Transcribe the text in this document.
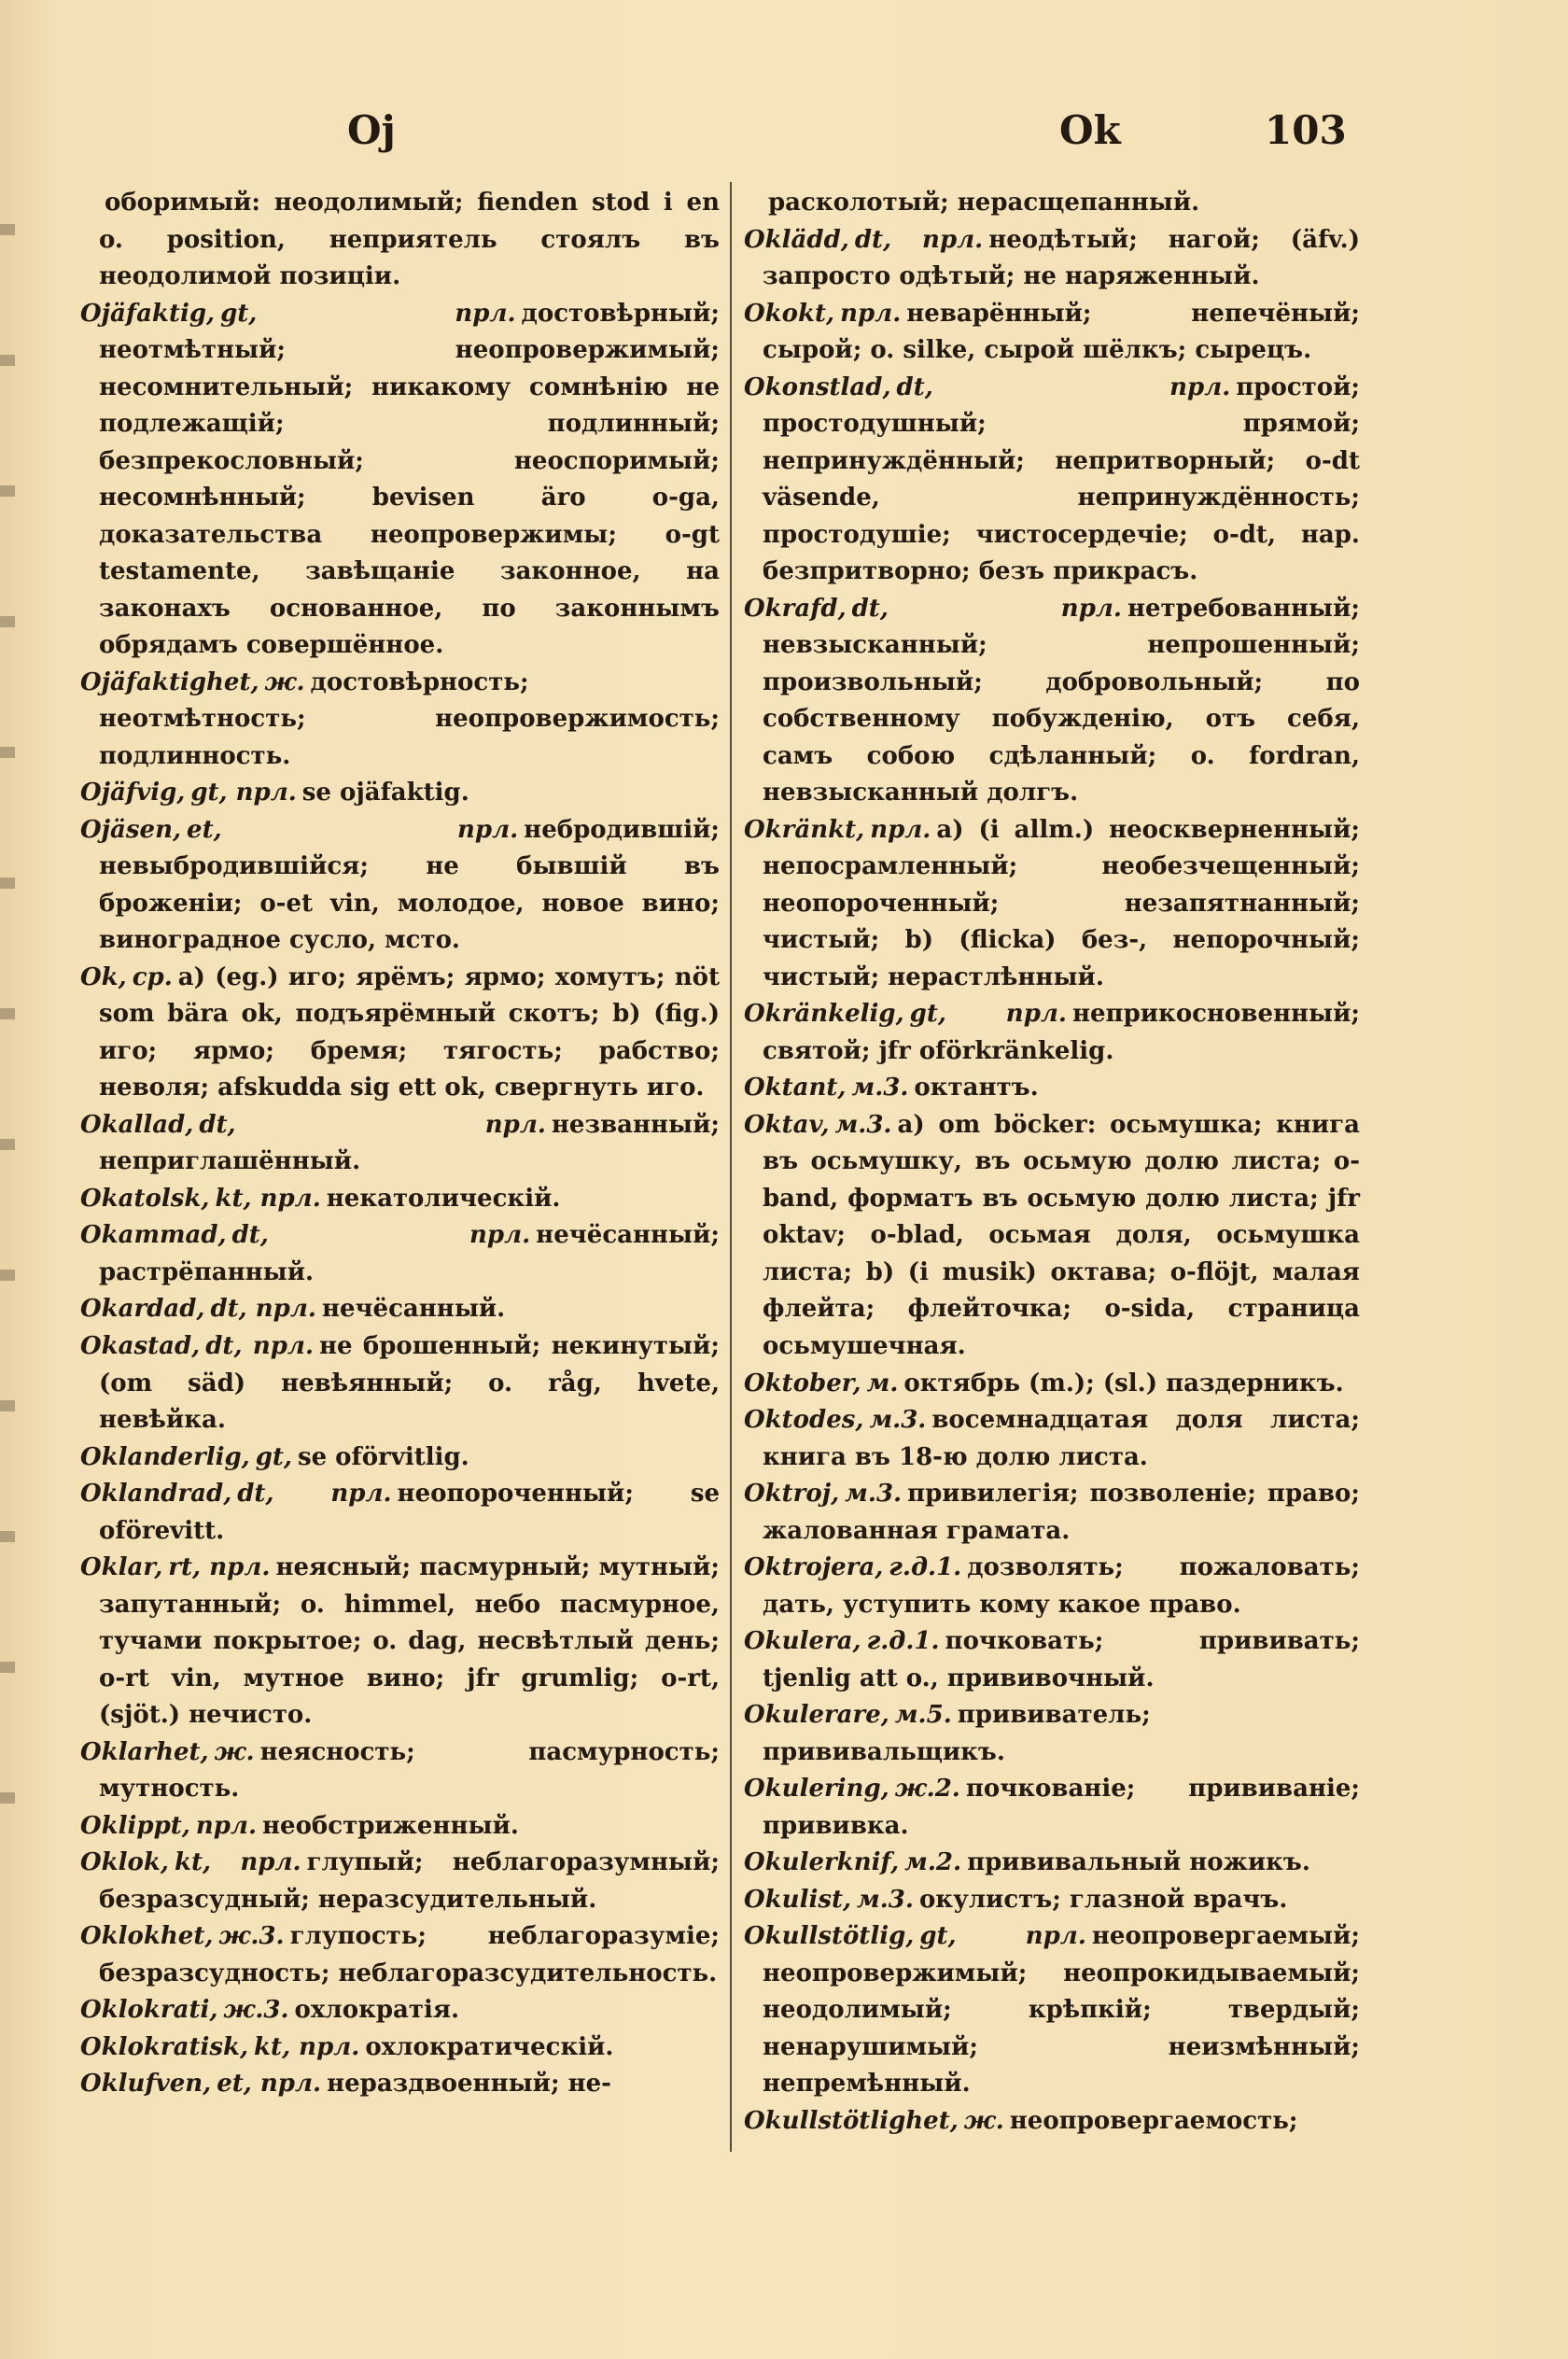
Oj	Ok	103

оборимый: неодолимый; fienden stod i en o. position, неприятель стоялъ въ неодолимой позиціи.

Ojäfaktig, gt, прл. достовѣрный; неотмѣтный; неопровержимый; несомнительный; никакому сомнѣнію не подлежащій; подлинный; безпрекословный; неоспоримый; несомнѣнный; bevisen äro o-ga, доказательства неопровержимы; o-gt testamente, завѣщаніе законное, на законахъ основанное, по законнымъ обрядамъ совершённое.

Ojäfaktighet, ж. достовѣрность; неотмѣтность; неопровержимость; подлинность.

Ojäfvig, gt, прл. se ojäfaktig.

Ojäsen, et, прл. небродившій; невыбродившійся; не бывшій въ броженіи; o-et vin, молодое, новое вино; виноградное сусло, мсто.

Ok, ср. a) (eg.) иго; ярёмъ; ярмо; хомутъ; nöt som bära ok, подъярёмный скотъ; b) (fig.) иго; ярмо; бремя; тягость; рабство; неволя; afskudda sig ett ok, свергнуть иго.

Okallad, dt, прл. незванный; неприглашённый.

Okatolsk, kt, прл. некатолическій.

Okammad, dt, прл. нечёсанный; растрёпанный.

Okardad, dt, прл. нечёсанный.

Okastad, dt, прл. не брошенный; некинутый; (om säd) невѣянный; o. råg, hvete, невѣйка.

Oklanderlig, gt, se oförvitlig.

Oklandrad, dt, прл. неопороченный; se oförevitt.

Oklar, rt, прл. неясный; пасмурный; мутный; запутанный; o. himmel, небо пасмурное, тучами покрытое; o. dag, несвѣтлый день; o-rt vin, мутное вино; jfr grumlig; o-rt, (sjöt.) нечисто.

Oklarhet, ж. неясность; пасмурность; мутность.

Oklippt, прл. необстриженный.

Oklok, kt, прл. глупый; неблагоразумный; безразсудный; неразсудительный.

Oklokhet, ж.3. глупость; неблагоразуміе; безразсудность; неблагоразсудительность.

Oklokrati, ж.3. охлократія.

Oklokratisk, kt, прл. охлократическій.

Oklufven, et, прл. нераздвоенный; не-

расколотый; нерасщепанный.

Oklädd, dt, прл. неодѣтый; нагой; (äfv.) запросто одѣтый; не наряженный.

Okokt, прл. неварённый; непечёный; сырой; o. silke, сырой шёлкъ; сырецъ.

Okonstlad, dt, прл. простой; простодушный; прямой; непринуждённый; непритворный; o-dt väsende, непринуждённость; простодушіе; чистосердечіе; o-dt, нар. безпритворно; безъ прикрасъ.

Okrafd, dt, прл. нетребованный; невзысканный; непрошенный; произвольный; добровольный; по собственному побужденію, отъ себя, самъ собою сдѣланный; o. fordran, невзысканный долгъ.

Okränkt, прл. a) (i allm.) неоскверненный; непосрамленный; необезчещенный; неопороченный; незапятнанный; чистый; b) (flicka) без-, непорочный; чистый; нерастлѣнный.

Okränkelig, gt, прл. неприкосновенный; святой; jfr oförkränkelig.

Oktant, м.3. октантъ.

Oktav, м.3. a) om böcker: осьмушка; книга въ осьмушку, въ осьмую долю листа; o-band, форматъ въ осьмую долю листа; jfr oktav; o-blad, осьмая доля, осьмушка листа; b) (i musik) октава; o-flöjt, малая флейта; флейточка; o-sida, страница осьмушечная.

Oktober, м. октябрь (m.); (sl.) паздерникъ.

Oktodes, м.3. восемнадцатая доля листа; книга въ 18-ю долю листа.

Oktroj, м.3. привилегія; позволеніе; право; жалованная грамата.

Oktrojera, г.д.1. дозволять; пожаловать; дать, уступить кому какое право.

Okulera, г.д.1. почковать; прививать; tjenlig att o., прививочный.

Okulerare, м.5. прививатель; прививальщикъ.

Okulering, ж.2. почкованіе; прививаніе; прививка.

Okulerknif, м.2. прививальный ножикъ.

Okulist, м.3. окулистъ; глазной врачъ.

Okullstötlig, gt, прл. неопровергаемый; неопровержимый; неопрокидываемый; неодолимый; крѣпкій; твердый; ненарушимый; неизмѣнный; непремѣнный.

Okullstötlighet, ж. неопровергаемость;
